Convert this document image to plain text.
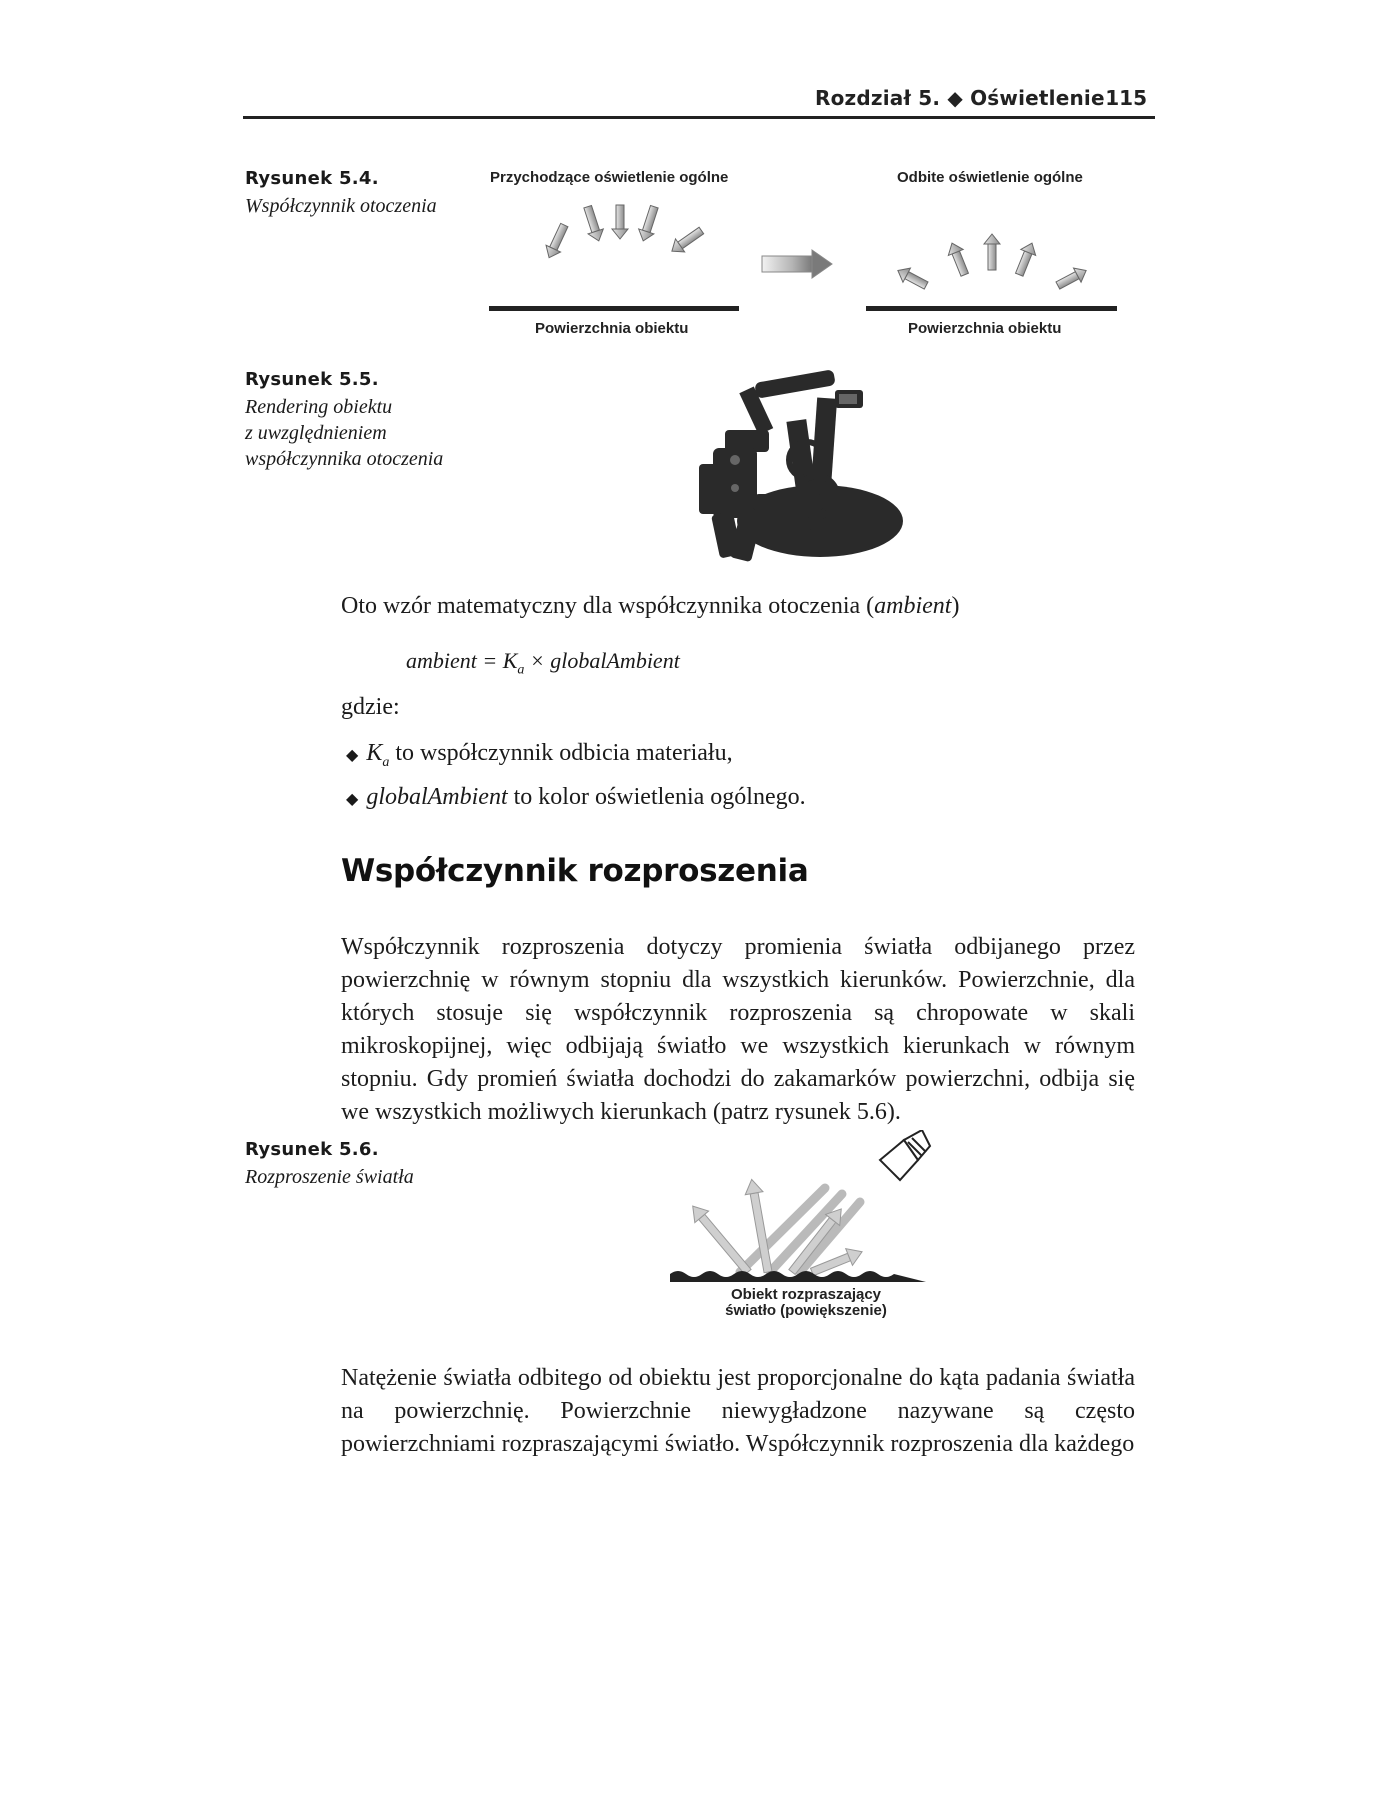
Rozdział 5. ◆ Oświetlenie 115
Rysunek 5.4.
Współczynnik otoczenia
Przychodzące oświetlenie ogólne	Odbite oświetlenie ogólne
Powierzchnia obiektu	Powierzchnia obiektu
Rysunek 5.5.
Rendering obiektu
z uwzględnieniem
współczynnika otoczenia
Oto wzór matematyczny dla współczynnika otoczenia (ambient)
ambient = $K_a$ × globalAmbient
gdzie:
◆ $K_a$ to współczynnik odbicia materiału,
◆ globalAmbient to kolor oświetlenia ogólnego.
Współczynnik rozproszenia
Współczynnik rozproszenia dotyczy promienia światła odbijanego przez powierzchnię w równym stopniu dla wszystkich kierunków. Powierzchnie, dla których stosuje się współczynnik rozproszenia są chropowate w skali mikroskopijnej, więc odbijają światło we wszystkich kierunkach w równym stopniu. Gdy promień światła dochodzi do zakamarków powierzchni, odbija się we wszystkich możliwych kierunkach (patrz rysunek 5.6).
Rysunek 5.6.
Rozproszenie światła
Obiekt rozpraszający
światło (powiększenie)
Natężenie światła odbitego od obiektu jest proporcjonalne do kąta padania światła na powierzchnię. Powierzchnie niewygładzone nazywane są często powierzchniami rozpraszającymi światło. Współczynnik rozproszenia dla każdego
